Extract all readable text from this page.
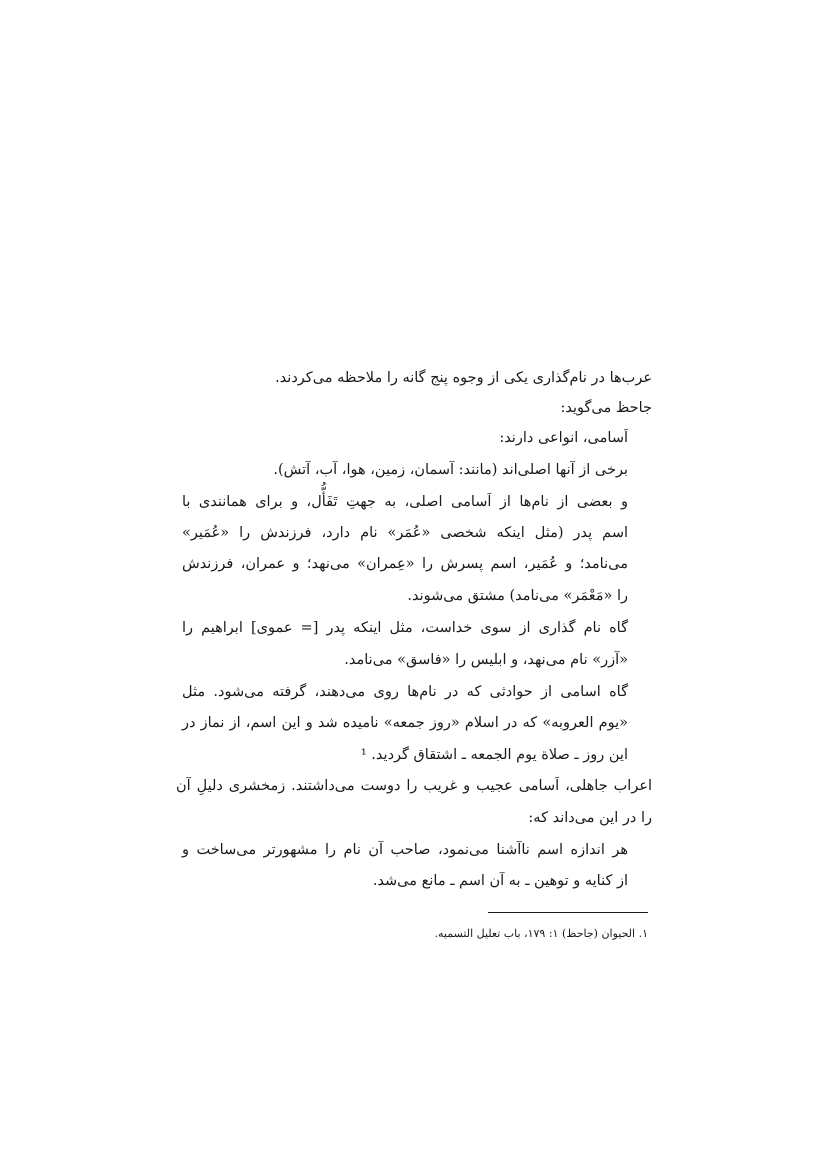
عرب‌ها در نام‌گذاری یکی از وجوه پنج گانه را ملاحظه می‌کردند.
جاحظ می‌گوید:
اَسامی، انواعی دارند:
برخی از آنها اصلی‌اند (مانند: آسمان، زمین، هوا، آب، آتش).
و بعضی از نام‌ها از اَسامی اصلی، به جهتِ تَفَأُّل، و برای همانندی با
اسم پدر (مثل اینکه شخصی «عُمَر» نام دارد، فرزندش را «عُمَیر»
می‌نامد؛ و عُمَیر، اسم پسرش را «عِمران» می‌نهد؛ و عمران، فرزندش
را «مَعْمَر» می‌نامد) مشتق می‌شوند.
گاه نام گذاری از سوی خداست، مثل اینکه پدر [= عموی] ابراهیم را
«آزر» نام می‌نهد، و ابلیس را «فاسق» می‌نامد.
گاه اسامی از حوادثی که در نام‌ها روی می‌دهند، گرفته می‌شود. مثل
«یوم العروبه» که در اسلام «روز جمعه» نامیده شد و این اسم، از نماز در
این روز ـ صلاة یوم الجمعه ـ اشتقاق گردید. ¹
اعراب جاهلی، اَسامی عجیب و غریب را دوست می‌داشتند. زمخشری دلیلِ آن
را در این می‌داند که:
هر اندازه اسم ناآشنا می‌نمود، صاحب آن نام را مشهورتر می‌ساخت و
از کنایه و توهین ـ به آن اسم ـ مانع می‌شد.
۱. الحیوان (جاحظ) ۱: ۱۷۹، باب تعلیل التسمیه.
